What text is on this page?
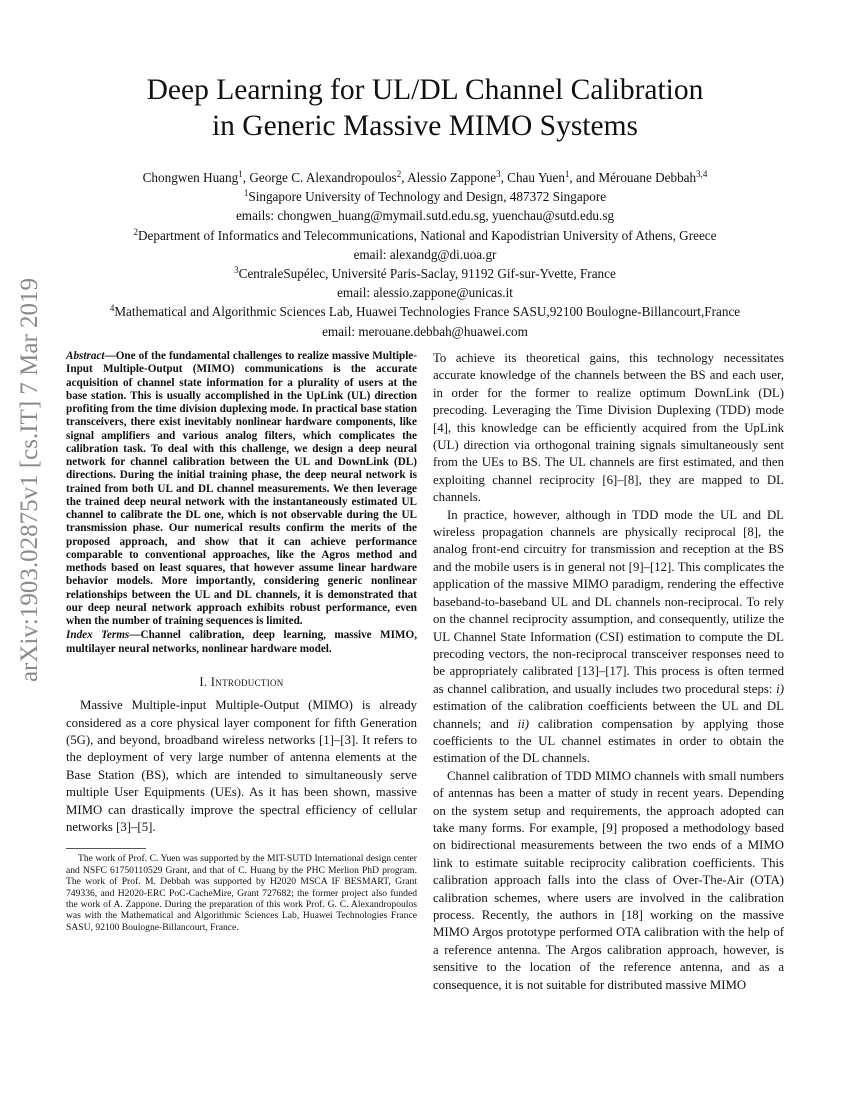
arXiv:1903.02875v1 [cs.IT] 7 Mar 2019
Deep Learning for UL/DL Channel Calibration
in Generic Massive MIMO Systems
Chongwen Huang$^1$, George C. Alexandropoulos$^2$, Alessio Zappone$^3$, Chau Yuen$^1$, and Mérouane Debbah$^{3,4}$
$^1$Singapore University of Technology and Design, 487372 Singapore
emails: chongwen_huang@mymail.sutd.edu.sg, yuenchau@sutd.edu.sg
$^2$Department of Informatics and Telecommunications, National and Kapodistrian University of Athens, Greece
email: alexandg@di.uoa.gr
$^3$CentraleSupélec, Université Paris-Saclay, 91192 Gif-sur-Yvette, France
email: alessio.zappone@unicas.it
$^4$Mathematical and Algorithmic Sciences Lab, Huawei Technologies France SASU,92100 Boulogne-Billancourt,France
email: merouane.debbah@huawei.com
Abstract—One of the fundamental challenges to realize massive Multiple-Input Multiple-Output (MIMO) communications is the accurate acquisition of channel state information for a plurality of users at the base station. This is usually accomplished in the UpLink (UL) direction profiting from the time division duplexing mode. In practical base station transceivers, there exist inevitably nonlinear hardware components, like signal amplifiers and various analog filters, which complicates the calibration task. To deal with this challenge, we design a deep neural network for channel calibration between the UL and DownLink (DL) directions. During the initial training phase, the deep neural network is trained from both UL and DL channel measurements. We then leverage the trained deep neural network with the instantaneously estimated UL channel to calibrate the DL one, which is not observable during the UL transmission phase. Our numerical results confirm the merits of the proposed approach, and show that it can achieve performance comparable to conventional approaches, like the Agros method and methods based on least squares, that however assume linear hardware behavior models. More importantly, considering generic nonlinear relationships between the UL and DL channels, it is demonstrated that our deep neural network approach exhibits robust performance, even when the number of training sequences is limited.
Index Terms—Channel calibration, deep learning, massive MIMO, multilayer neural networks, nonlinear hardware model.
I. Introduction

Massive Multiple-input Multiple-Output (MIMO) is already considered as a core physical layer component for fifth Generation (5G), and beyond, broadband wireless networks [1]–[3]. It refers to the deployment of very large number of antenna elements at the Base Station (BS), which are intended to simultaneously serve multiple User Equipments (UEs). As it has been shown, massive MIMO can drastically improve the spectral efficiency of cellular networks [3]–[5].

The work of Prof. C. Yuen was supported by the MIT-SUTD International design center and NSFC 61750110529 Grant, and that of C. Huang by the PHC Merlion PhD program. The work of Prof. M. Debbah was supported by H2020 MSCA IF BESMART, Grant 749336, and H2020-ERC PoC-CacheMire, Grant 727682; the former project also funded the work of A. Zappone. During the preparation of this work Prof. G. C. Alexandropoulos was with the Mathematical and Algorithmic Sciences Lab, Huawei Technologies France SASU, 92100 Boulogne-Billancourt, France.

To achieve its theoretical gains, this technology necessitates accurate knowledge of the channels between the BS and each user, in order for the former to realize optimum DownLink (DL) precoding. Leveraging the Time Division Duplexing (TDD) mode [4], this knowledge can be efficiently acquired from the UpLink (UL) direction via orthogonal training signals simultaneously sent from the UEs to BS. The UL channels are first estimated, and then exploiting channel reciprocity [6]–[8], they are mapped to DL channels.

In practice, however, although in TDD mode the UL and DL wireless propagation channels are physically reciprocal [8], the analog front-end circuitry for transmission and reception at the BS and the mobile users is in general not [9]–[12]. This complicates the application of the massive MIMO paradigm, rendering the effective baseband-to-baseband UL and DL channels non-reciprocal. To rely on the channel reciprocity assumption, and consequently, utilize the UL Channel State Information (CSI) estimation to compute the DL precoding vectors, the non-reciprocal transceiver responses need to be appropriately calibrated [13]–[17]. This process is often termed as channel calibration, and usually includes two procedural steps: i) estimation of the calibration coefficients between the UL and DL channels; and ii) calibration compensation by applying those coefficients to the UL channel estimates in order to obtain the estimation of the DL channels.

Channel calibration of TDD MIMO channels with small numbers of antennas has been a matter of study in recent years. Depending on the system setup and requirements, the approach adopted can take many forms. For example, [9] proposed a methodology based on bidirectional measurements between the two ends of a MIMO link to estimate suitable reciprocity calibration coefficients. This calibration approach falls into the class of Over-The-Air (OTA) calibration schemes, where users are involved in the calibration process. Recently, the authors in [18] working on the massive MIMO Argos prototype performed OTA calibration with the help of a reference antenna. The Argos calibration approach, however, is sensitive to the location of the reference antenna, and as a consequence, it is not suitable for distributed massive MIMO
